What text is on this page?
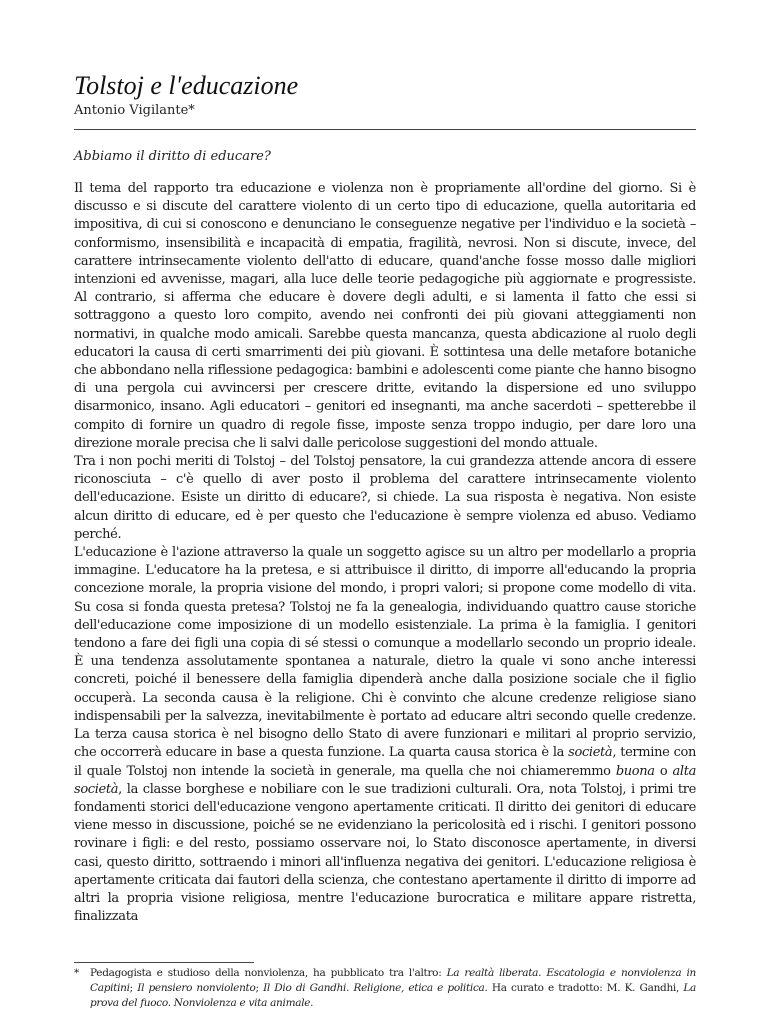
Tolstoj e l'educazione
Antonio Vigilante*
Abbiamo il diritto di educare?

Il tema del rapporto tra educazione e violenza non è propriamente all'ordine del giorno. Si è discusso e si discute del carattere violento di un certo tipo di educazione, quella autoritaria ed impositiva, di cui si conoscono e denunciano le conseguenze negative per l'individuo e la società – conformismo, insensibilità e incapacità di empatia, fragilità, nevrosi. Non si discute, invece, del carattere intrinsecamente violento dell'atto di educare, quand'anche fosse mosso dalle migliori intenzioni ed avvenisse, magari, alla luce delle teorie pedagogiche più aggiornate e progressiste. Al contrario, si afferma che educare è dovere degli adulti, e si lamenta il fatto che essi si sottraggono a questo loro compito, avendo nei confronti dei più giovani atteggiamenti non normativi, in qualche modo amicali. Sarebbe questa mancanza, questa abdicazione al ruolo degli educatori la causa di certi smarrimenti dei più giovani. È sottintesa una delle metafore botaniche che abbondano nella riflessione pedagogica: bambini e adolescenti come piante che hanno bisogno di una pergola cui avvincersi per crescere dritte, evitando la dispersione ed uno sviluppo disarmonico, insano. Agli educatori – genitori ed insegnanti, ma anche sacerdoti – spetterebbe il compito di fornire un quadro di regole fisse, imposte senza troppo indugio, per dare loro una direzione morale precisa che li salvi dalle pericolose suggestioni del mondo attuale.

Tra i non pochi meriti di Tolstoj – del Tolstoj pensatore, la cui grandezza attende ancora di essere riconosciuta – c'è quello di aver posto il problema del carattere intrinsecamente violento dell'educazione. Esiste un diritto di educare?, si chiede. La sua risposta è negativa. Non esiste alcun diritto di educare, ed è per questo che l'educazione è sempre violenza ed abuso. Vediamo perché.

L'educazione è l'azione attraverso la quale un soggetto agisce su un altro per modellarlo a propria immagine. L'educatore ha la pretesa, e si attribuisce il diritto, di imporre all'educando la propria concezione morale, la propria visione del mondo, i propri valori; si propone come modello di vita. Su cosa si fonda questa pretesa? Tolstoj ne fa la genealogia, individuando quattro cause storiche dell'educazione come imposizione di un modello esistenziale. La prima è la famiglia. I genitori tendono a fare dei figli una copia di sé stessi o comunque a modellarlo secondo un proprio ideale. È una tendenza assolutamente spontanea a naturale, dietro la quale vi sono anche interessi concreti, poiché il benessere della famiglia dipenderà anche dalla posizione sociale che il figlio occuperà. La seconda causa è la religione. Chi è convinto che alcune credenze religiose siano indispensabili per la salvezza, inevitabilmente è portato ad educare altri secondo quelle credenze. La terza causa storica è nel bisogno dello Stato di avere funzionari e militari al proprio servizio, che occorrerà educare in base a questa funzione. La quarta causa storica è la società, termine con il quale Tolstoj non intende la società in generale, ma quella che noi chiameremmo buona o alta società, la classe borghese e nobiliare con le sue tradizioni culturali. Ora, nota Tolstoj, i primi tre fondamenti storici dell'educazione vengono apertamente criticati. Il diritto dei genitori di educare viene messo in discussione, poiché se ne evidenziano la pericolosità ed i rischi. I genitori possono rovinare i figli: e del resto, possiamo osservare noi, lo Stato disconosce apertamente, in diversi casi, questo diritto, sottraendo i minori all'influenza negativa dei genitori. L'educazione religiosa è apertamente criticata dai fautori della scienza, che contestano apertamente il diritto di imporre ad altri la propria visione religiosa, mentre l'educazione burocratica e militare appare ristretta, finalizzata

* Pedagogista e studioso della nonviolenza, ha pubblicato tra l'altro: La realtà liberata. Escatologia e nonviolenza in Capitini; Il pensiero nonviolento; Il Dio di Gandhi. Religione, etica e politica. Ha curato e tradotto: M. K. Gandhi, La prova del fuoco. Nonviolenza e vita animale.
